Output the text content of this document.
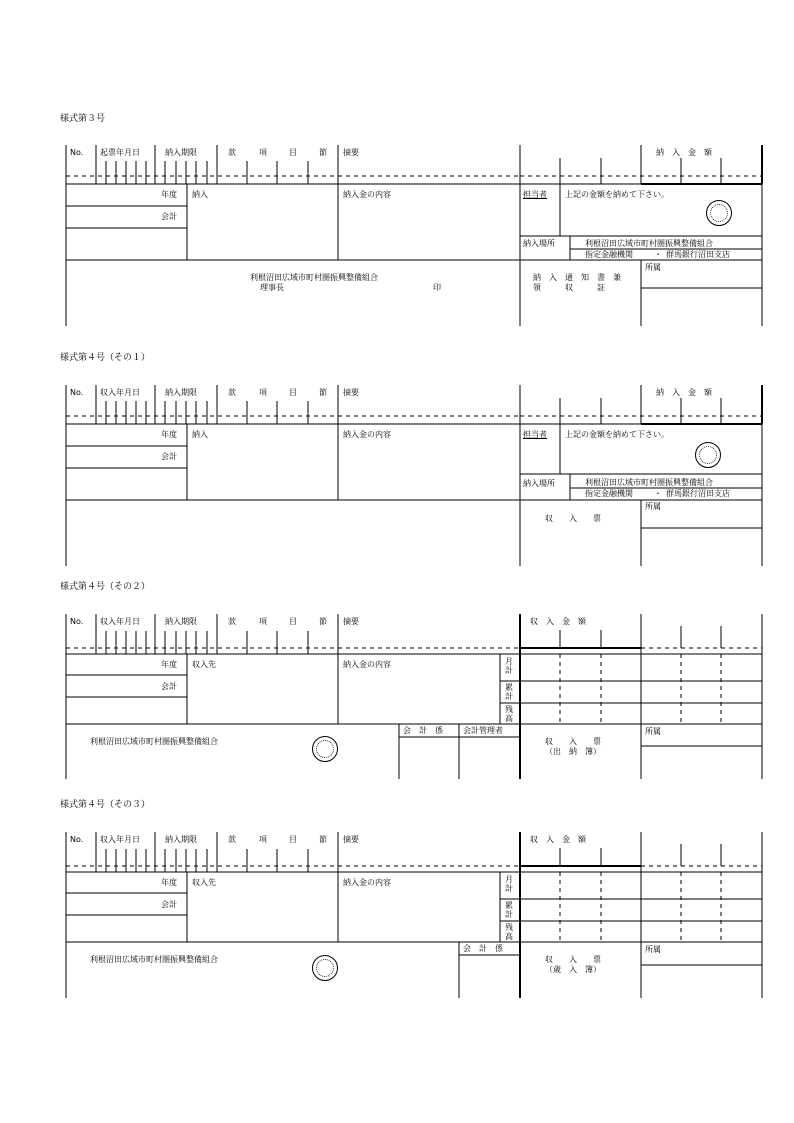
様式第３号
No. 起票年月日	納入期限	款	項	目	節 摘要	納　入　金　額
年度
会計
納入	納入金の内容	担当者 上記の金額を納めて下さい。
納入場所	利根沼田広域市町村圏振興整備組合
指定金融機関	・ 群馬銀行沼田支店
利根沼田広域市町村圏振興整備組合
理事長	印
納　入　通　知　書　兼
領　　　収　　　証
所属
様式第４号（その１）
No. 収入年月日	納入期限	款	項	目	節 摘要	納　入　金　額
年度
会計
納入	納入金の内容	担当者 上記の金額を納めて下さい。
納入場所	利根沼田広域市町村圏振興整備組合
指定金融機関	・ 群馬銀行沼田支店
収　　入　　票
所属
様式第４号（その２）
No. 収入年月日	納入期限	款	項	目	節 摘要	収　入　金　額
年度
会計
収入先	納入金の内容	月計
累計
残高
利根沼田広域市町村圏振興整備組合
会　計　係	会計管理者
収　　入　　票
（出　納　簿）
所属
様式第４号（その３）
No. 収入年月日	納入期限	款	項	目	節 摘要	収　入　金　額
年度
会計
収入先	納入金の内容	月計
累計
残高
利根沼田広域市町村圏振興整備組合
会　計　係
収　　入　　票
（歳　入　簿）
所属
